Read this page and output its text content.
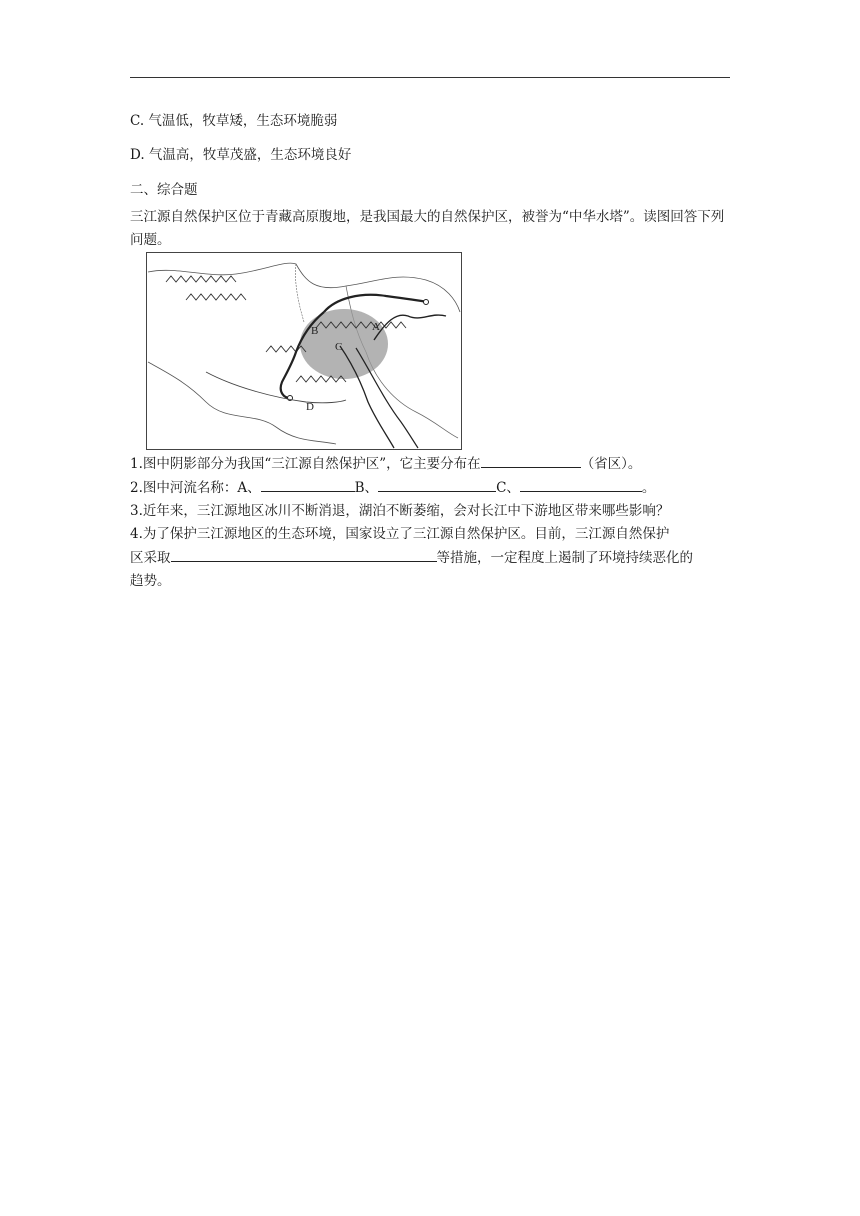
C. 气温低，牧草矮，生态环境脆弱
D. 气温高，牧草茂盛，生态环境良好
二、综合题
三江源自然保护区位于青藏高原腹地，是我国最大的自然保护区，被誉为“中华水塔”。读图回答下列问题。
B	A
C
D
1.图中阴影部分为我国“三江源自然保护区”，它主要分布在	（省区）。
2.图中河流名称：A、	B、	C、	。
3.近年来，三江源地区冰川不断消退，湖泊不断萎缩，会对长江中下游地区带来哪些影响？
4.为了保护三江源地区的生态环境，国家设立了三江源自然保护区。目前，三江源自然保护
区采取	等措施，一定程度上遏制了环境持续恶化的
趋势。
